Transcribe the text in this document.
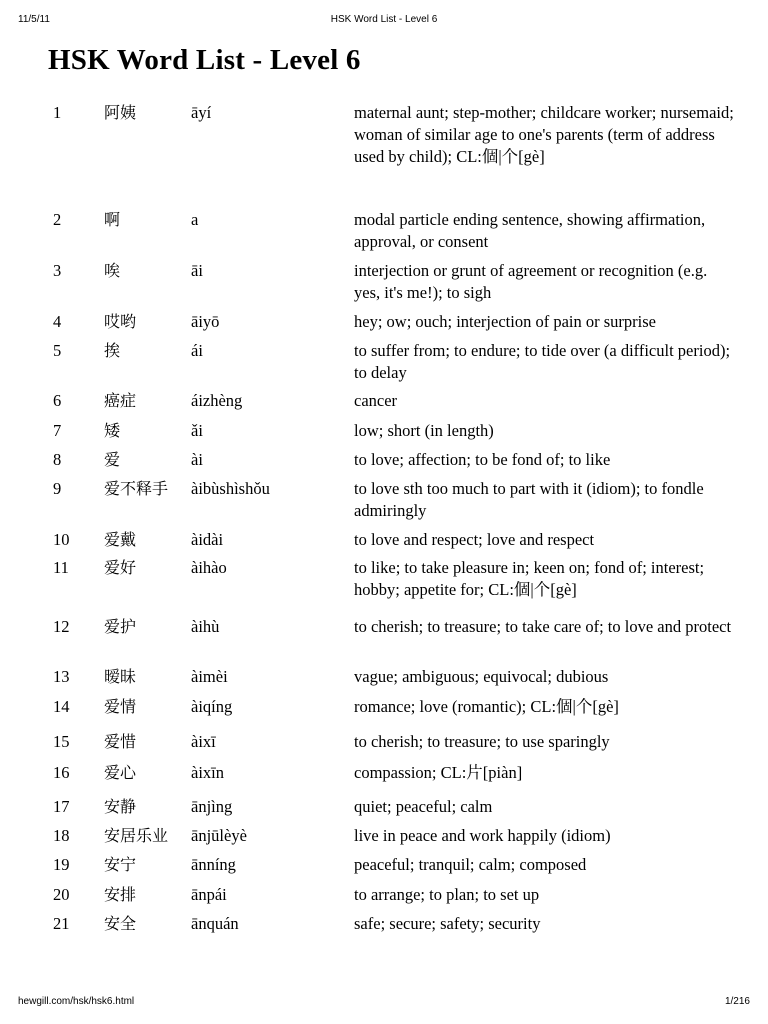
11/5/11	HSK Word List - Level 6
HSK Word List - Level 6
1	阿姨	āyí	maternal aunt; step-mother; childcare worker; nursemaid; woman of similar age to one's parents (term of address used by child); CL:個|个[gè]
2	啊	a	modal particle ending sentence, showing affirmation, approval, or consent
3	唉	āi	interjection or grunt of agreement or recognition (e.g. yes, it's me!); to sigh
4	哎哟	āiyō	hey; ow; ouch; interjection of pain or surprise
5	挨	ái	to suffer from; to endure; to tide over (a difficult period); to delay
6	癌症	áizhèng	cancer
7	矮	ǎi	low; short (in length)
8	爱	ài	to love; affection; to be fond of; to like
9	爱不释手	àibùshìshǒu	to love sth too much to part with it (idiom); to fondle admiringly
10	爱戴	àidài	to love and respect; love and respect
11	爱好	àihào	to like; to take pleasure in; keen on; fond of; interest; hobby; appetite for; CL:個|个[gè]
12	爱护	àihù	to cherish; to treasure; to take care of; to love and protect
13	暧昧	àimèi	vague; ambiguous; equivocal; dubious
14	爱情	àiqíng	romance; love (romantic); CL:個|个[gè]
15	爱惜	àixī	to cherish; to treasure; to use sparingly
16	爱心	àixīn	compassion; CL:片[piàn]
17	安静	ānjìng	quiet; peaceful; calm
18	安居乐业	ānjūlèyè	live in peace and work happily (idiom)
19	安宁	ānníng	peaceful; tranquil; calm; composed
20	安排	ānpái	to arrange; to plan; to set up
21	安全	ānquán	safe; secure; safety; security
hewgill.com/hsk/hsk6.html	1/216
